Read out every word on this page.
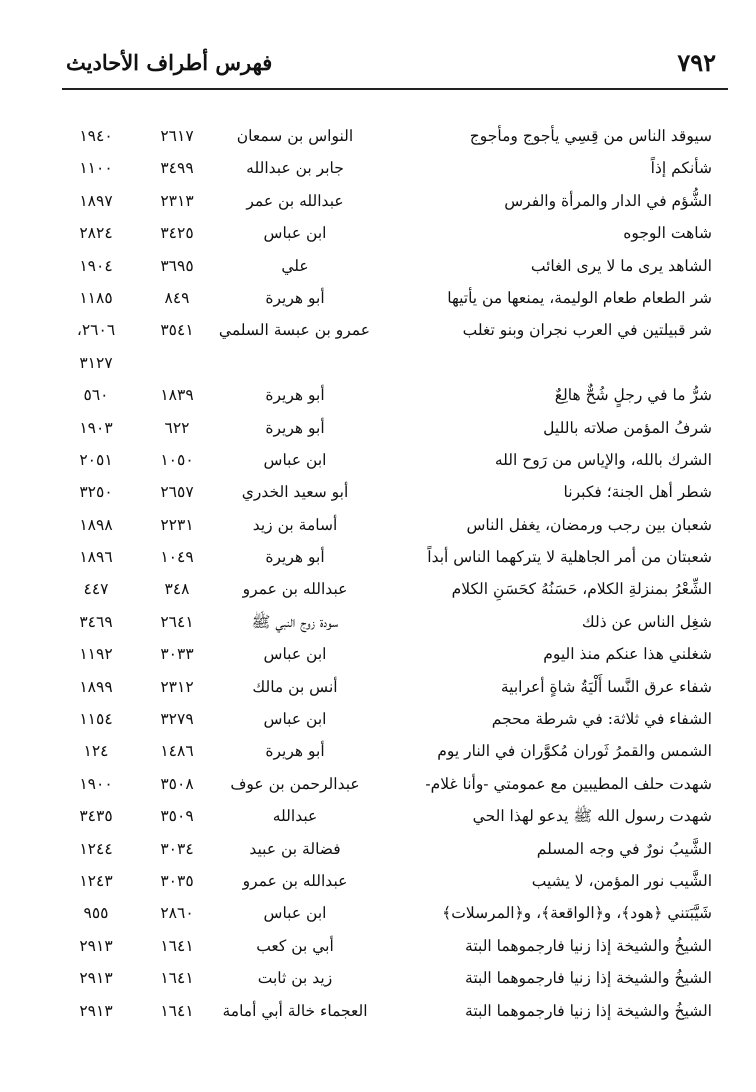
٧٩٢
فهرس أطراف الأحاديث
سيوقد الناس من قِسِي يأجوج ومأجوج
النواس بن سمعان
٢٦١٧
١٩٤٠
شأنكم إذاً
جابر بن عبدالله
٣٤٩٩
١١٠٠
الشُّؤم في الدار والمرأة والفرس
عبدالله بن عمر
٢٣١٣
١٨٩٧
شاهت الوجوه
ابن عباس
٣٤٢٥
٢٨٢٤
الشاهد يرى ما لا يرى الغائب
علي
٣٦٩٥
١٩٠٤
شر الطعام طعام الوليمة، يمنعها من يأتيها
أبو هريرة
٨٤٩
١١٨٥
شر قبيلتين في العرب نجران وبنو تغلب
عمرو بن عبسة السلمي
٣٥٤١
٢٦٠٦،
٣١٢٧
شرُّ ما في رجلٍ شُحٌّ هالِعٌ
أبو هريرة
١٨٣٩
٥٦٠
شرفُ المؤمن صلاته بالليل
أبو هريرة
٦٢٢
١٩٠٣
الشرك بالله، والإياس من رَوح الله
ابن عباس
١٠٥٠
٢٠٥١
شطر أهل الجنة؛ فكبرنا
أبو سعيد الخدري
٢٦٥٧
٣٢٥٠
شعبان بين رجب ورمضان، يغفل الناس
أسامة بن زيد
٢٢٣١
١٨٩٨
شعبتان من أمر الجاهلية لا يتركهما الناس أبداً
أبو هريرة
١٠٤٩
١٨٩٦
الشِّعْرُ بمنزلةِ الكلام، حَسَنُهُ كحَسَنِ الكلام
عبدالله بن عمرو
٣٤٨
٤٤٧
شغِل الناس عن ذلك
سودة زوج النبي ﷺ
٢٦٤١
٣٤٦٩
شغلني هذا عنكم منذ اليوم
ابن عباس
٣٠٣٣
١١٩٢
شفاء عرق النَّسا أَلْيَةُ شاةٍ أعرابية
أنس بن مالك
٢٣١٢
١٨٩٩
الشفاء في ثلاثة: في شرطة محجم
ابن عباس
٣٢٧٩
١١٥٤
الشمس والقمرُ ثَوران مُكوَّران في النار يوم
أبو هريرة
١٤٨٦
١٢٤
شهدت حلف المطيبين مع عمومتي -وأنا غلام-
عبدالرحمن بن عوف
٣٥٠٨
١٩٠٠
شهدت رسول الله ﷺ يدعو لهذا الحي
عبدالله
٣٥٠٩
٣٤٣٥
الشَّيبُ نورٌ في وجه المسلم
فضالة بن عبيد
٣٠٣٤
١٢٤٤
الشَّيب نور المؤمن، لا يشيب
عبدالله بن عمرو
٣٠٣٥
١٢٤٣
شَيَّبَتني ﴿هود﴾، و﴿الواقعة﴾، و﴿المرسلات﴾
ابن عباس
٢٨٦٠
٩٥٥
الشيخُ والشيخة إذا زنيا فارجموهما البتة
أبي بن كعب
١٦٤١
٢٩١٣
الشيخُ والشيخة إذا زنيا فارجموهما البتة
زيد بن ثابت
١٦٤١
٢٩١٣
الشيخُ والشيخة إذا زنيا فارجموهما البتة
العجماء خالة أبي أمامة
١٦٤١
٢٩١٣
